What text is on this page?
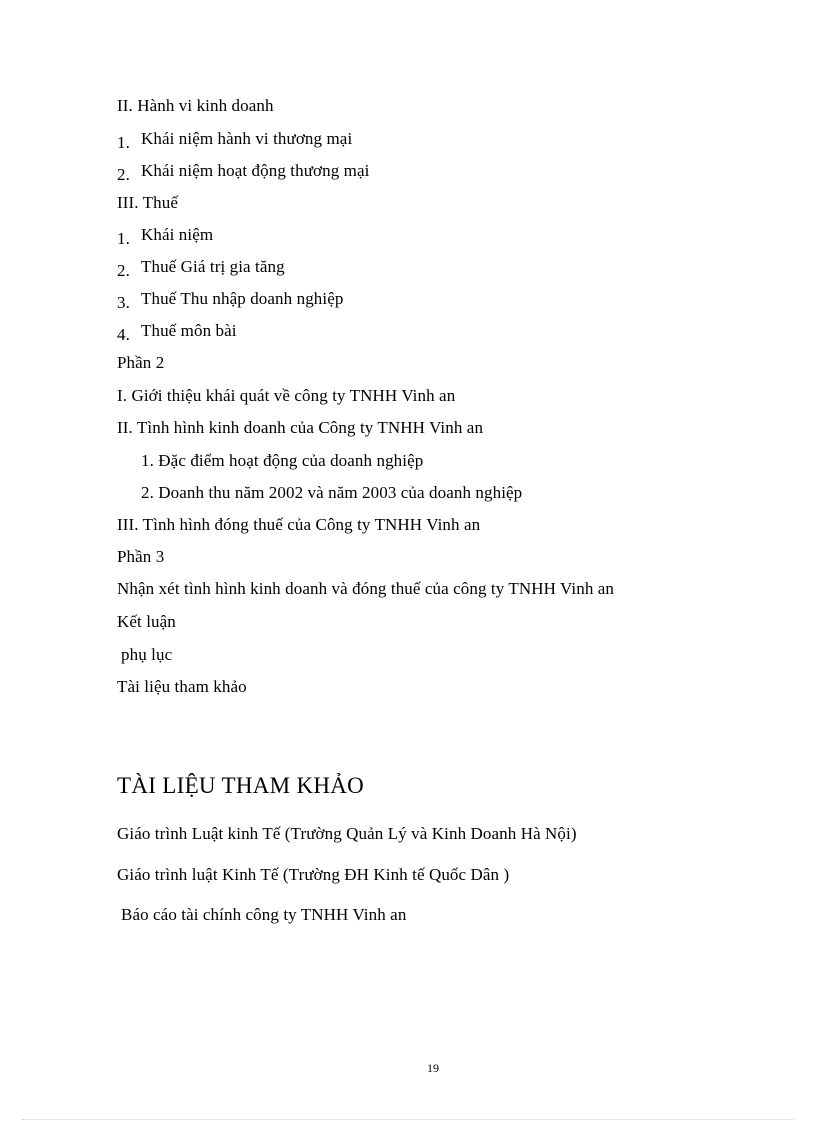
II. Hành vi kinh doanh
1. Khái niệm hành vi thương mại
2. Khái niệm hoạt động thương mại
III. Thuế
1. Khái niệm
2. Thuế Giá trị gia tăng
3. Thuế Thu nhập doanh nghiệp
4. Thuế môn bài
Phần 2
I. Giới thiệu khái quát về công ty TNHH Vinh an
II. Tình hình kinh doanh của Công ty TNHH Vinh an
1. Đặc điểm hoạt động của doanh nghiệp
2. Doanh thu năm 2002 và năm 2003 của doanh nghiệp
III. Tình hình đóng thuế của Công ty TNHH Vinh an
Phần 3
Nhận xét tình hình kinh doanh và đóng thuế của công ty TNHH Vinh an
Kết luận
phụ lục
Tài liệu tham khảo
TÀI LIỆU THAM KHẢO
Giáo trình Luật kinh Tế (Trường Quản Lý và Kinh Doanh Hà Nội)
Giáo trình luật Kinh Tế (Trường ĐH Kinh tế Quốc Dân )
Báo cáo tài chính công ty TNHH Vinh an
19
